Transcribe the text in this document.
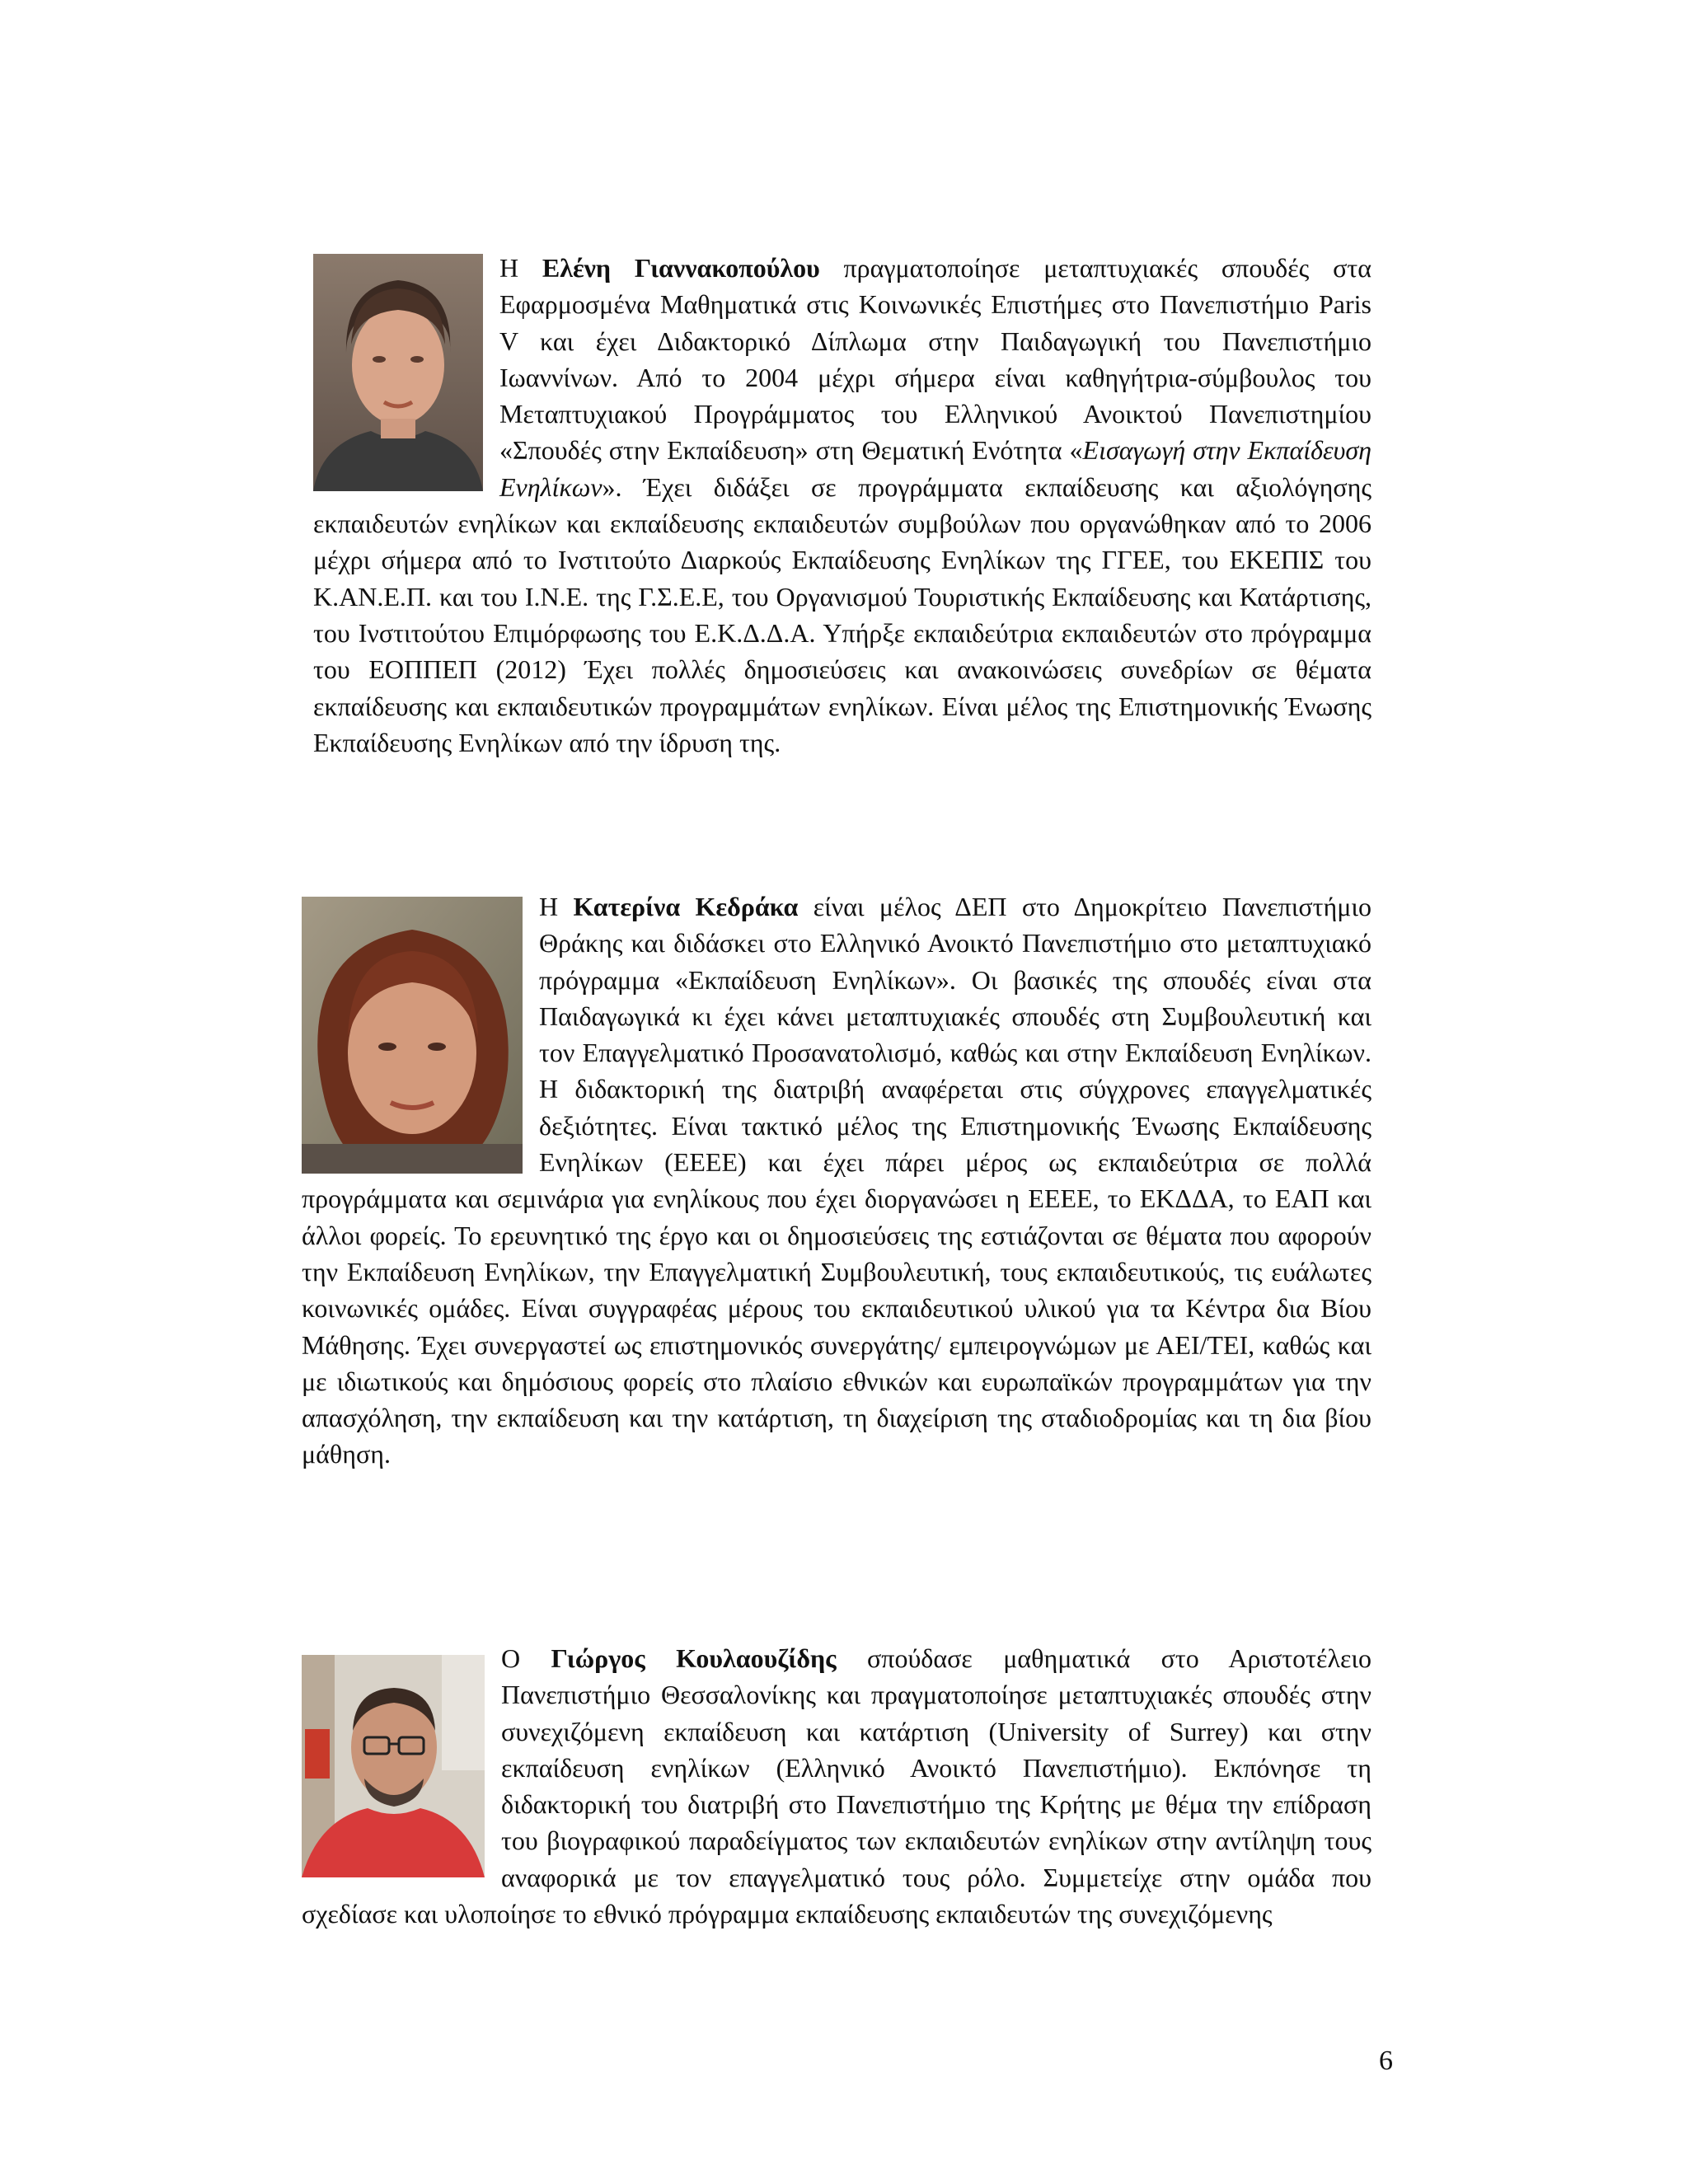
Η Ελένη Γιαννακοπούλου πραγματοποίησε μεταπτυχιακές σπουδές στα Εφαρμοσμένα Μαθηματικά στις Κοινωνικές Επιστήμες στο Πανεπιστήμιο Paris V και έχει Διδακτορικό Δίπλωμα στην Παιδαγωγική του Πανεπιστήμιο Ιωαννίνων. Από το 2004 μέχρι σήμερα είναι καθηγήτρια-σύμβουλος του Μεταπτυχιακού Προγράμματος του Ελληνικού Ανοικτού Πανεπιστημίου «Σπουδές στην Εκπαίδευση» στη Θεματική Ενότητα «Εισαγωγή στην Εκπαίδευση Ενηλίκων». Έχει διδάξει σε προγράμματα εκπαίδευσης και αξιολόγησης εκπαιδευτών ενηλίκων και εκπαίδευσης εκπαιδευτών συμβούλων που οργανώθηκαν από το 2006 μέχρι σήμερα από το Ινστιτούτο Διαρκούς Εκπαίδευσης Ενηλίκων της ΓΓΕΕ, του ΕΚΕΠΙΣ του Κ.ΑΝ.Ε.Π. και του Ι.Ν.Ε. της Γ.Σ.Ε.Ε, του Οργανισμού Τουριστικής Εκπαίδευσης και Κατάρτισης, του Ινστιτούτου Επιμόρφωσης του Ε.Κ.Δ.Δ.Α. Υπήρξε εκπαιδεύτρια εκπαιδευτών στο πρόγραμμα του ΕΟΠΠΕΠ (2012) Έχει πολλές δημοσιεύσεις και ανακοινώσεις συνεδρίων σε θέματα εκπαίδευσης και εκπαιδευτικών προγραμμάτων ενηλίκων. Είναι μέλος της Επιστημονικής Ένωσης Εκπαίδευσης Ενηλίκων από την ίδρυση της.
Η Κατερίνα Κεδράκα είναι μέλος ΔΕΠ στο Δημοκρίτειο Πανεπιστήμιο Θράκης και διδάσκει στο Ελληνικό Ανοικτό Πανεπιστήμιο στο μεταπτυχιακό πρόγραμμα «Εκπαίδευση Ενηλίκων». Οι βασικές της σπουδές είναι στα Παιδαγωγικά κι έχει κάνει μεταπτυχιακές σπουδές στη Συμβουλευτική και τον Επαγγελματικό Προσανατολισμό, καθώς και στην Εκπαίδευση Ενηλίκων. Η διδακτορική της διατριβή αναφέρεται στις σύγχρονες επαγγελματικές δεξιότητες. Είναι τακτικό μέλος της Επιστημονικής Ένωσης Εκπαίδευσης Ενηλίκων (ΕΕΕΕ) και έχει πάρει μέρος ως εκπαιδεύτρια σε πολλά προγράμματα και σεμινάρια για ενηλίκους που έχει διοργανώσει η ΕΕΕΕ, το ΕΚΔΔΑ, το ΕΑΠ και άλλοι φορείς. Το ερευνητικό της έργο και οι δημοσιεύσεις της εστιάζονται σε θέματα που αφορούν την Εκπαίδευση Ενηλίκων, την Επαγγελματική Συμβουλευτική, τους εκπαιδευτικούς, τις ευάλωτες κοινωνικές ομάδες. Είναι συγγραφέας μέρους του εκπαιδευτικού υλικού για τα Κέντρα δια Βίου Μάθησης. Έχει συνεργαστεί ως επιστημονικός συνεργάτης/ εμπειρογνώμων με ΑΕΙ/ΤΕΙ, καθώς και με ιδιωτικούς και δημόσιους φορείς στο πλαίσιο εθνικών και ευρωπαϊκών προγραμμάτων για την απασχόληση, την εκπαίδευση και την κατάρτιση, τη διαχείριση της σταδιοδρομίας και τη δια βίου μάθηση.
Ο Γιώργος Κουλαουζίδης σπούδασε μαθηματικά στο Αριστοτέλειο Πανεπιστήμιο Θεσσαλονίκης και πραγματοποίησε μεταπτυχιακές σπουδές στην συνεχιζόμενη εκπαίδευση και κατάρτιση (University of Surrey) και στην εκπαίδευση ενηλίκων (Ελληνικό Ανοικτό Πανεπιστήμιο). Εκπόνησε τη διδακτορική του διατριβή στο Πανεπιστήμιο της Κρήτης με θέμα την επίδραση του βιογραφικού παραδείγματος των εκπαιδευτών ενηλίκων στην αντίληψη τους αναφορικά με τον επαγγελματικό τους ρόλο. Συμμετείχε στην ομάδα που σχεδίασε και υλοποίησε το εθνικό πρόγραμμα εκπαίδευσης εκπαιδευτών της συνεχιζόμενης
6
